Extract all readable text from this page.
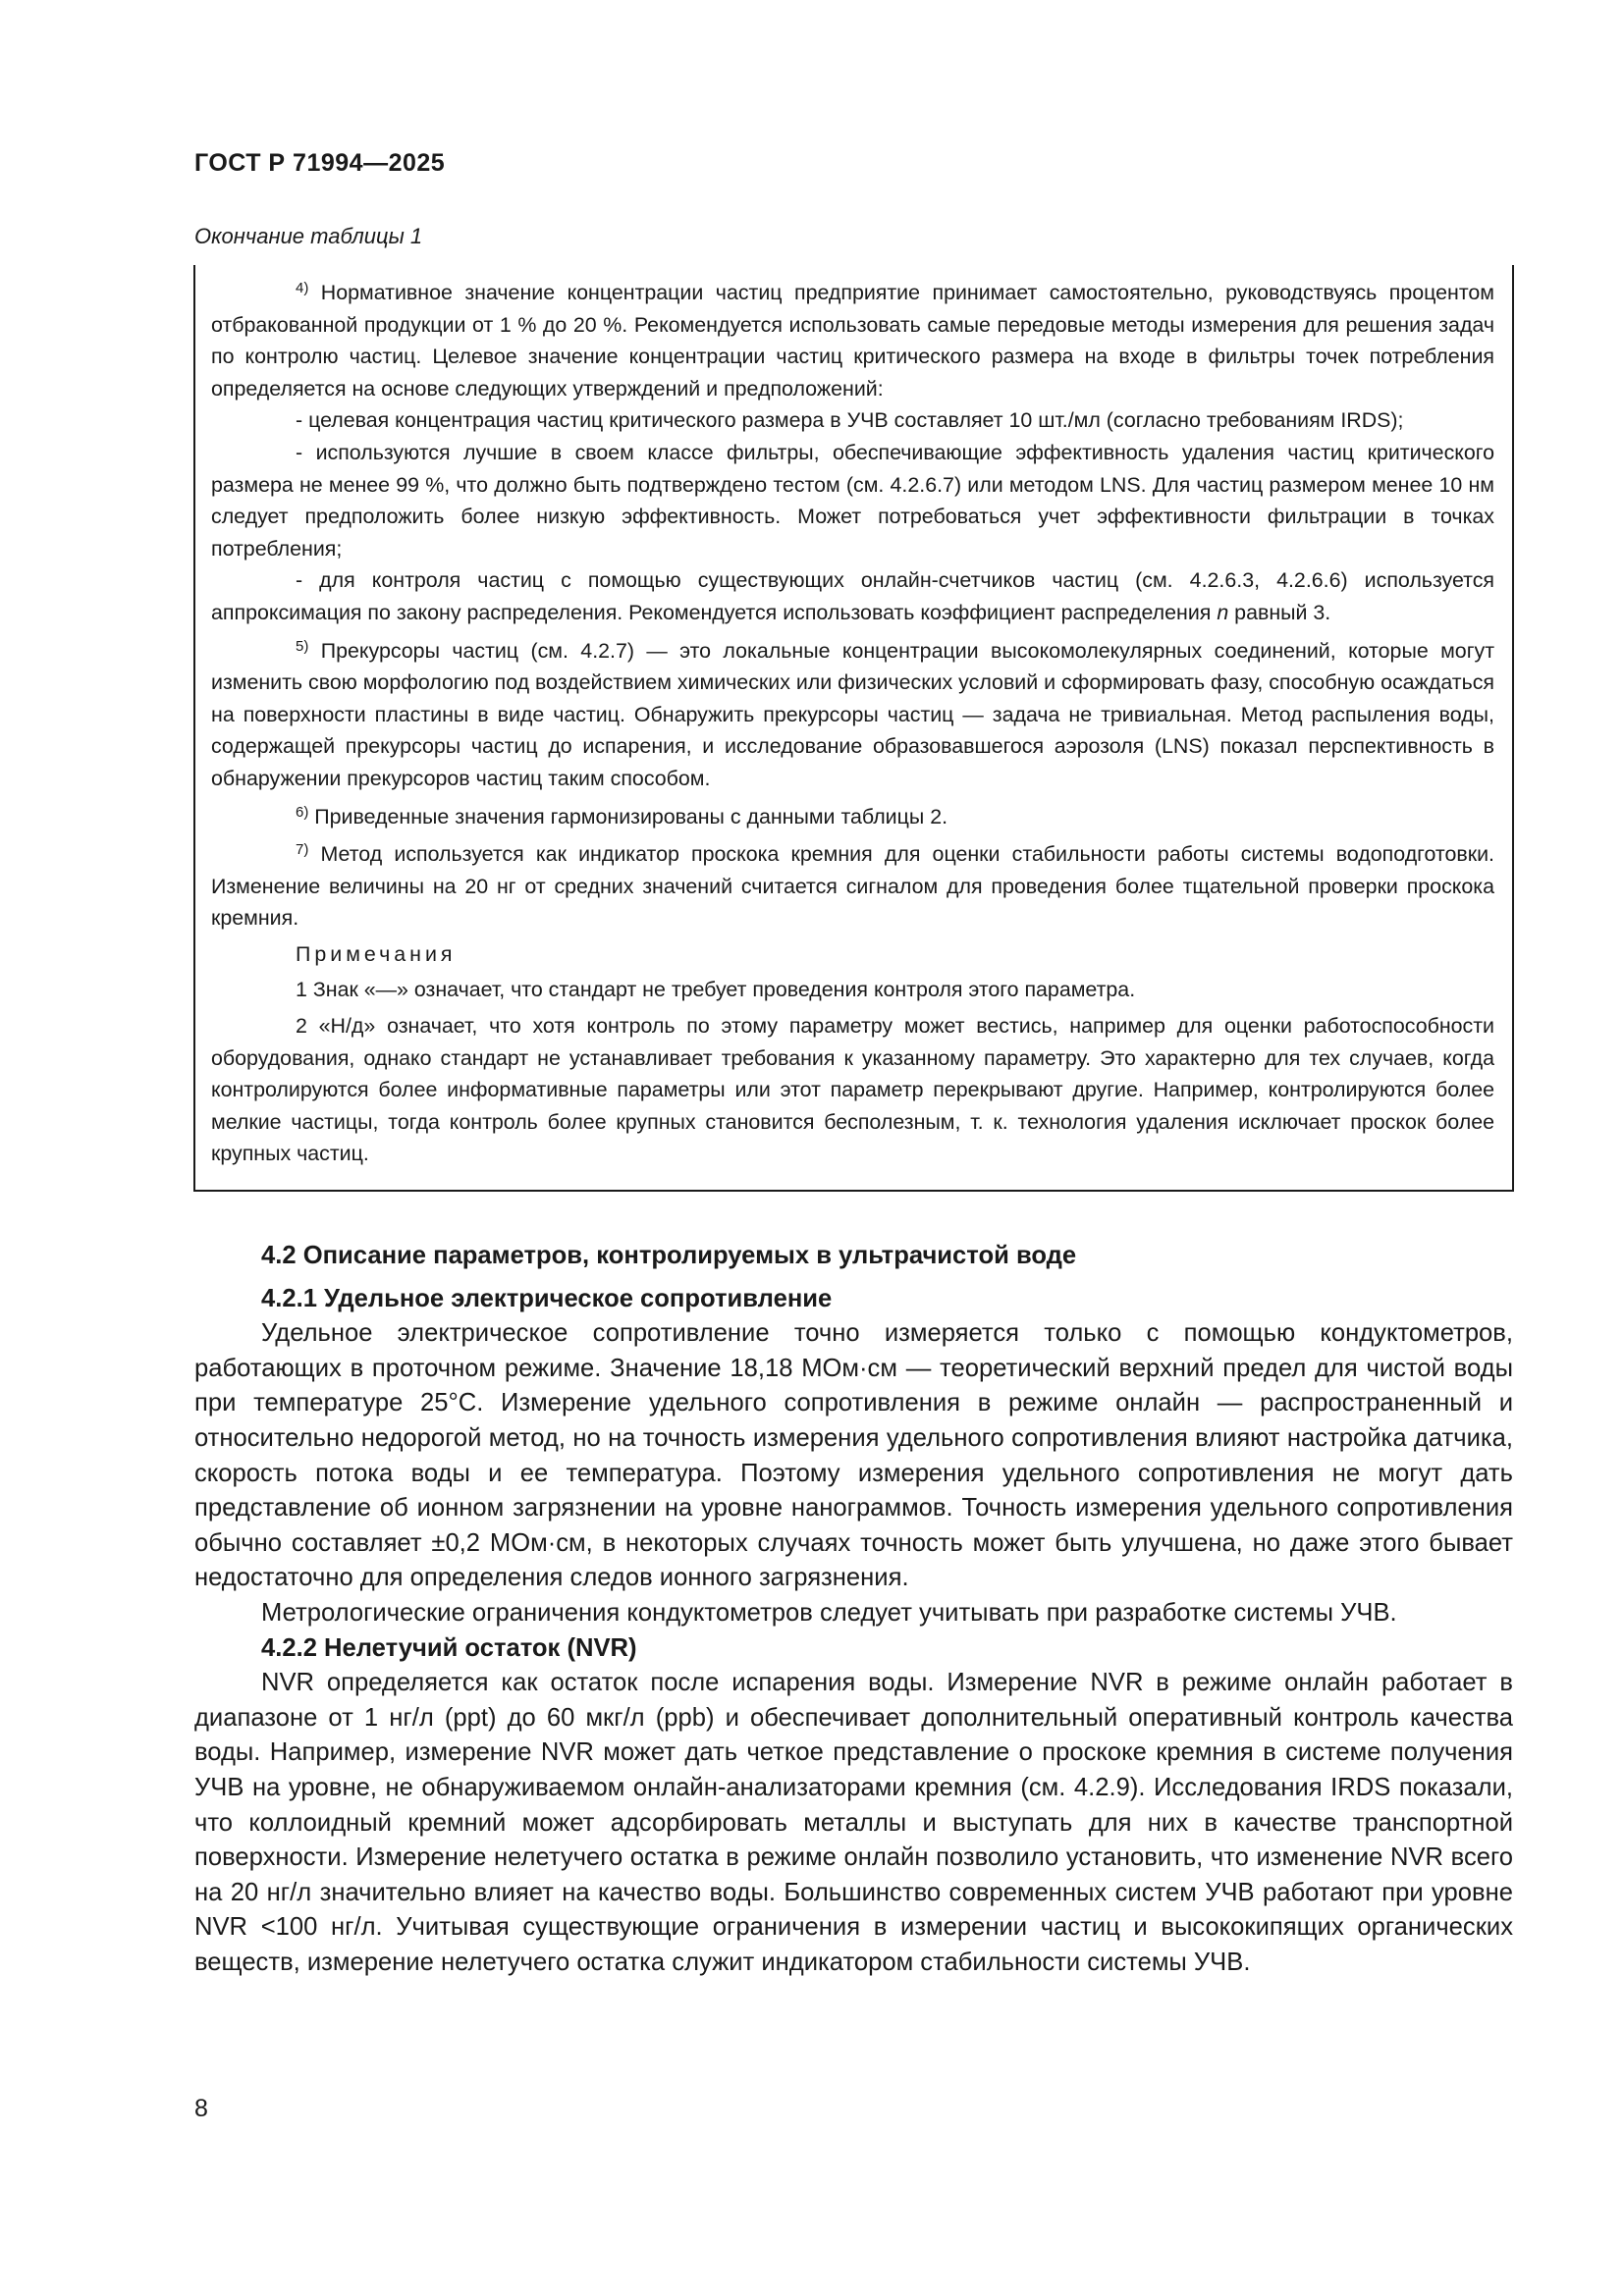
ГОСТ Р 71994—2025
Окончание таблицы 1

$^{4)}$ Нормативное значение концентрации частиц предприятие принимает самостоятельно, руководствуясь процентом отбракованной продукции от 1 % до 20 %. Рекомендуется использовать самые передовые методы измерения для решения задач по контролю частиц. Целевое значение концентрации частиц критического размера на входе в фильтры точек потребления определяется на основе следующих утверждений и предположений:

- целевая концентрация частиц критического размера в УЧВ составляет 10 шт./мл (согласно требованиям IRDS);

- используются лучшие в своем классе фильтры, обеспечивающие эффективность удаления частиц критического размера не менее 99 %, что должно быть подтверждено тестом (см. 4.2.6.7) или методом LNS. Для частиц размером менее 10 нм следует предположить более низкую эффективность. Может потребоваться учет эффективности фильтрации в точках потребления;

- для контроля частиц с помощью существующих онлайн-счетчиков частиц (см. 4.2.6.3, 4.2.6.6) используется аппроксимация по закону распределения. Рекомендуется использовать коэффициент распределения n равный 3.

$^{5)}$ Прекурсоры частиц (см. 4.2.7) — это локальные концентрации высокомолекулярных соединений, которые могут изменить свою морфологию под воздействием химических или физических условий и сформировать фазу, способную осаждаться на поверхности пластины в виде частиц. Обнаружить прекурсоры частиц — задача не тривиальная. Метод распыления воды, содержащей прекурсоры частиц до испарения, и исследование образовавшегося аэрозоля (LNS) показал перспективность в обнаружении прекурсоров частиц таким способом.

$^{6)}$ Приведенные значения гармонизированы с данными таблицы 2.

$^{7)}$ Метод используется как индикатор проскока кремния для оценки стабильности работы системы водоподготовки. Изменение величины на 20 нг от средних значений считается сигналом для проведения более тщательной проверки проскока кремния.

Примечания

1 Знак «—» означает, что стандарт не требует проведения контроля этого параметра.

2 «Н/д» означает, что хотя контроль по этому параметру может вестись, например для оценки работоспособности оборудования, однако стандарт не устанавливает требования к указанному параметру. Это характерно для тех случаев, когда контролируются более информативные параметры или этот параметр перекрывают другие. Например, контролируются более мелкие частицы, тогда контроль более крупных становится бесполезным, т. к. технология удаления исключает проскок более крупных частиц.

4.2 Описание параметров, контролируемых в ультрачистой воде

4.2.1 Удельное электрическое сопротивление

Удельное электрическое сопротивление точно измеряется только с помощью кондуктометров, работающих в проточном режиме. Значение 18,18 МОм·см — теоретический верхний предел для чистой воды при температуре 25°С. Измерение удельного сопротивления в режиме онлайн — распространенный и относительно недорогой метод, но на точность измерения удельного сопротивления влияют настройка датчика, скорость потока воды и ее температура. Поэтому измерения удельного сопротивления не могут дать представление об ионном загрязнении на уровне нанограммов. Точность измерения удельного сопротивления обычно составляет ±0,2 МОм·см, в некоторых случаях точность может быть улучшена, но даже этого бывает недостаточно для определения следов ионного загрязнения.

Метрологические ограничения кондуктометров следует учитывать при разработке системы УЧВ.

4.2.2 Нелетучий остаток (NVR)

NVR определяется как остаток после испарения воды. Измерение NVR в режиме онлайн работает в диапазоне от 1 нг/л (ppt) до 60 мкг/л (ppb) и обеспечивает дополнительный оперативный контроль качества воды. Например, измерение NVR может дать четкое представление о проскоке кремния в системе получения УЧВ на уровне, не обнаруживаемом онлайн-анализаторами кремния (см. 4.2.9). Исследования IRDS показали, что коллоидный кремний может адсорбировать металлы и выступать для них в качестве транспортной поверхности. Измерение нелетучего остатка в режиме онлайн позволило установить, что изменение NVR всего на 20 нг/л значительно влияет на качество воды. Большинство современных систем УЧВ работают при уровне NVR <100 нг/л. Учитывая существующие ограничения в измерении частиц и высококипящих органических веществ, измерение нелетучего остатка служит индикатором стабильности системы УЧВ.

8
